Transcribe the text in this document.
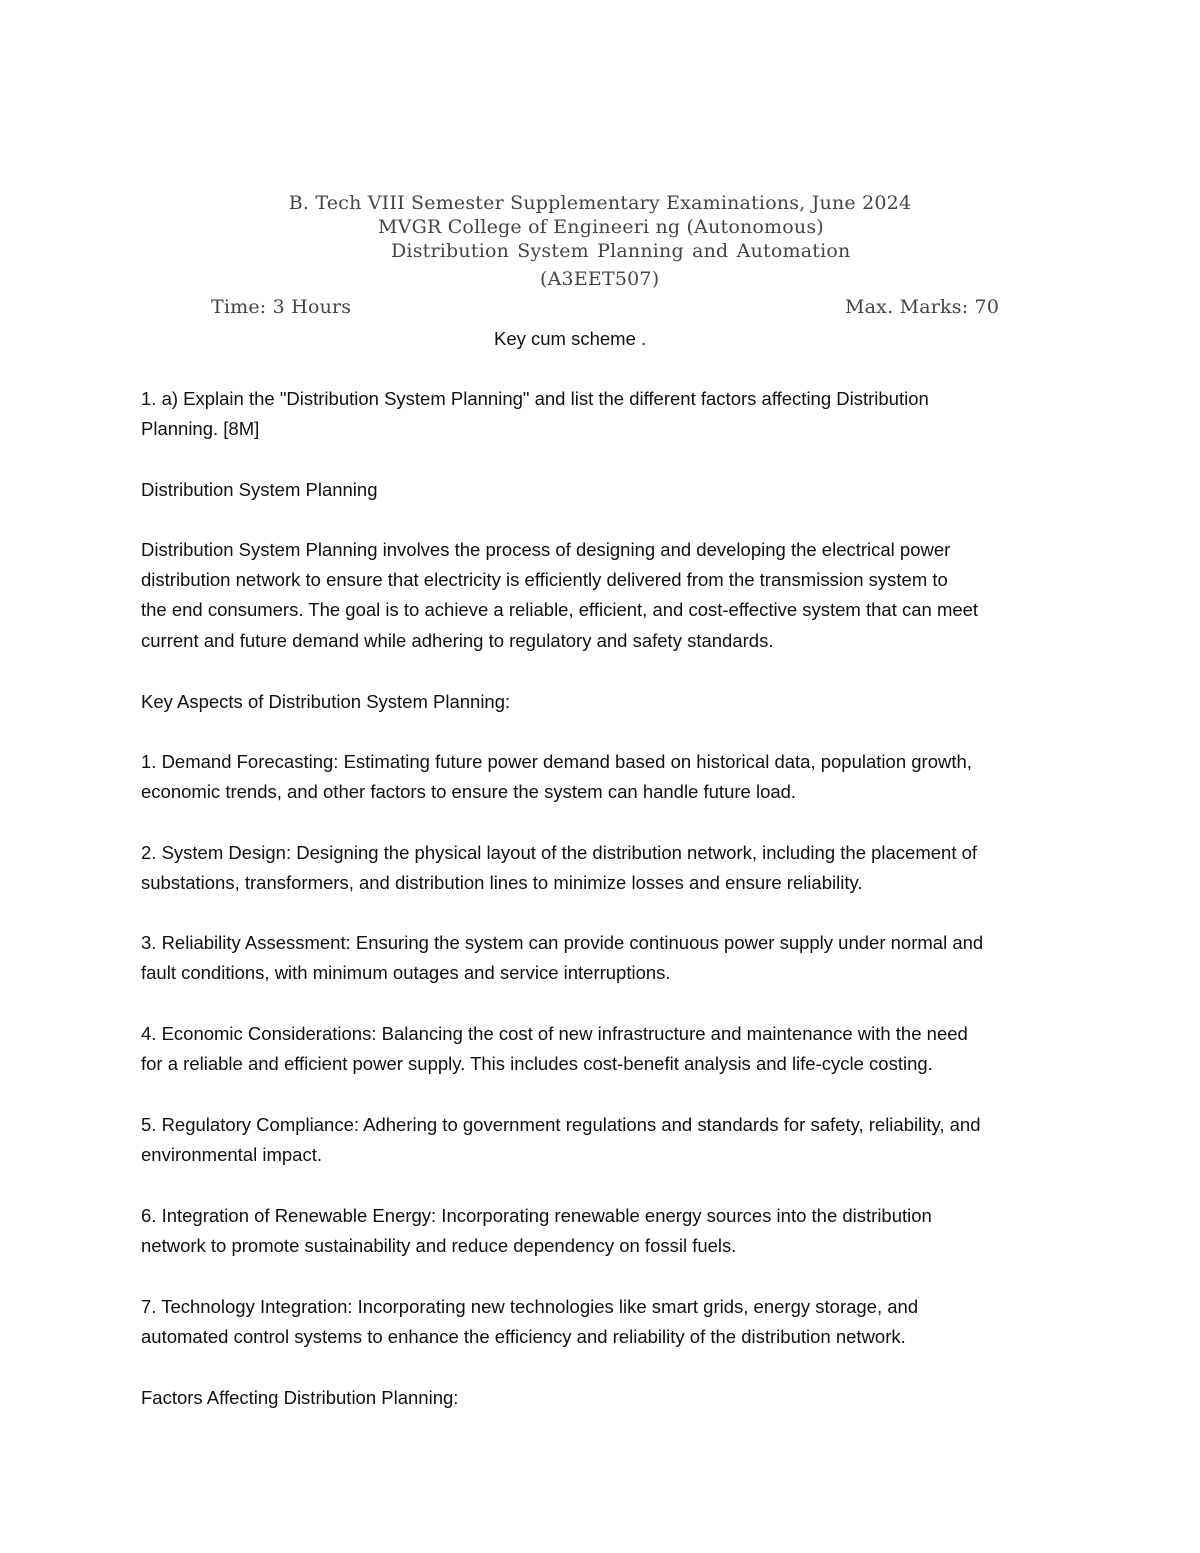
B. Tech VIII Semester Supplementary Examinations, June 2024
MVGR College of Engineeri ng (Autonomous)
Distribution System Planning and Automation
(A3EET507)
Time: 3 Hours	Max. Marks: 70
Key cum scheme .
1. a) Explain the "Distribution System Planning" and list the different factors affecting Distribution
Planning. [8M]
Distribution System Planning
Distribution System Planning involves the process of designing and developing the electrical power
distribution network to ensure that electricity is efficiently delivered from the transmission system to
the end consumers. The goal is to achieve a reliable, efficient, and cost-effective system that can meet
current and future demand while adhering to regulatory and safety standards.
Key Aspects of Distribution System Planning:
1. Demand Forecasting: Estimating future power demand based on historical data, population growth,
economic trends, and other factors to ensure the system can handle future load.
2. System Design: Designing the physical layout of the distribution network, including the placement of
substations, transformers, and distribution lines to minimize losses and ensure reliability.
3. Reliability Assessment: Ensuring the system can provide continuous power supply under normal and
fault conditions, with minimum outages and service interruptions.
4. Economic Considerations: Balancing the cost of new infrastructure and maintenance with the need
for a reliable and efficient power supply. This includes cost-benefit analysis and life-cycle costing.
5. Regulatory Compliance: Adhering to government regulations and standards for safety, reliability, and
environmental impact.
6. Integration of Renewable Energy: Incorporating renewable energy sources into the distribution
network to promote sustainability and reduce dependency on fossil fuels.
7. Technology Integration: Incorporating new technologies like smart grids, energy storage, and
automated control systems to enhance the efficiency and reliability of the distribution network.
Factors Affecting Distribution Planning:
